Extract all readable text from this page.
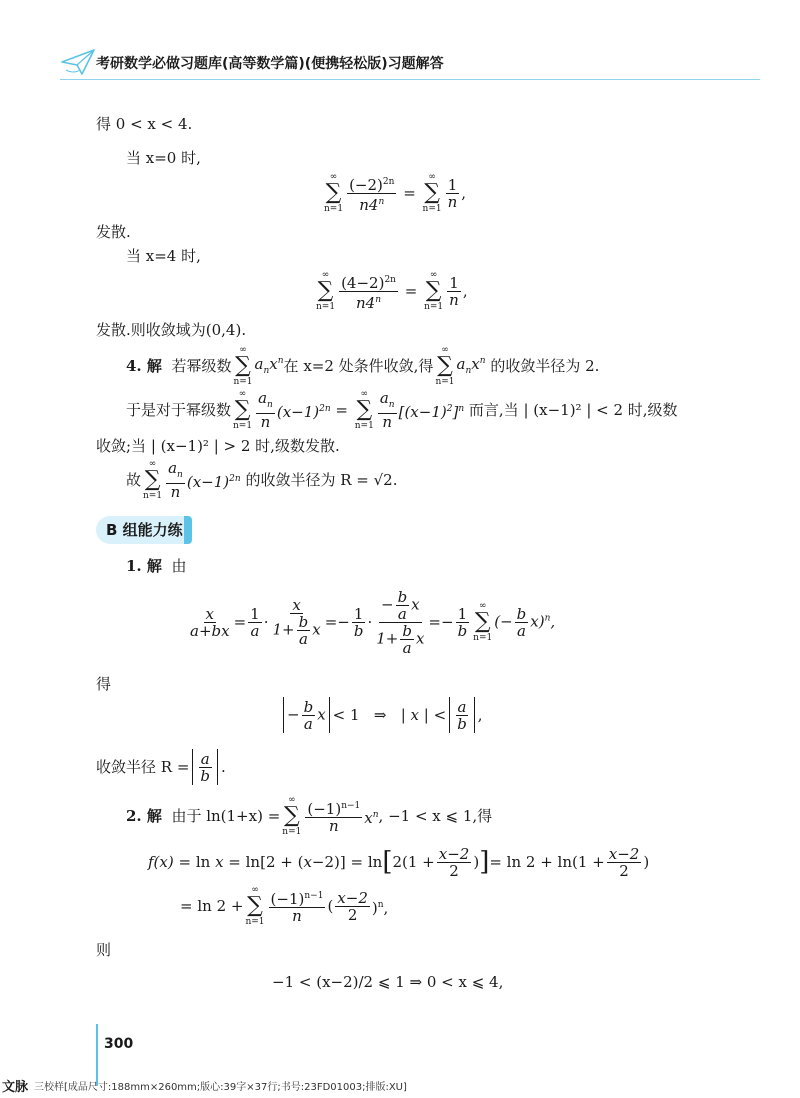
考研数学必做习题库(高等数学篇)(便携轻松版)习题解答
得 0 < x < 4.
当 x=0 时,
∞
∑
$n=1 \frac{(-2)^{2n}}{n4^n}$ =
∞
∑
$n=1 \frac{1}{n}$ ,
发散.
当 x=4 时,
∞
∑
$n=1 \frac{(4-2)^{2n}}{n4^n}$ =
∞
∑
$n=1 \frac{1}{n}$ ,
发散.则收敛域为(0,4).
4. 解
若幂级数
∞
∑
n=1
$a_nx^n$ 在 x=2 处条件收敛,得
∞
∑
n=1
$a_nx^n$ 的收敛半径为 2.
于是对于幂级数
∞
∑
$n=1 \frac{a_n}{n} (x-1)^{2n}$ =
∞
∑
$n=1 \frac{a_n}{n} [(x-1)^2]^n$ 而言,当 | (x−1)² | < 2 时,级数
收敛;当 | (x−1)² | > 2 时,级数发散.
故
∞
∑
$n=1 \frac{a_n}{n} (x-1)^{2n}$ 的收敛半径为 R = √2.
B 组能力练
1. 解 由
$\frac{x}{a+bx} = \frac{1}{a} \cdot \frac{x}{1+ \frac{b}{a} x} =- \frac{1}{b} \cdot \frac{- \frac{b}{a} x}{1+ \frac{b}{a} x} =- \frac{1}{b}$ ∞
∑
n=1
(− $\frac{b}{a} x)^n$,
得
− $\frac{b}{a}$ x < 1   ⇒   | x | < $\frac{a}{b}$ ,
收敛半径 $R = \frac{a}{b}$ .
2. 解
由于 ln(1+x) =
∞
∑
$n=1 \frac{(-1)^{n-1}}{n} x^n$ , −1 < x ⩽ 1,得
f(x) = ln x = ln[2 + (x−2)] = ln [ $2(1 + \frac{x-2}{2}$ ) ] = $\ln 2 + \ln(1 + \frac{x-2}{2}$ )
= ln 2 +
∞
∑
$n=1 \frac{(-1)^{n-1}}{n}$ ( $\frac{x-2}{2} )^n$,
则
−1 < (x−2)/2 ⩽ 1 ⇒ 0 < x ⩽ 4,
300
文脉 三校样[成品尺寸:188mm×260mm;版心:39字×37行;书号:23FD01003;排版:XU]
